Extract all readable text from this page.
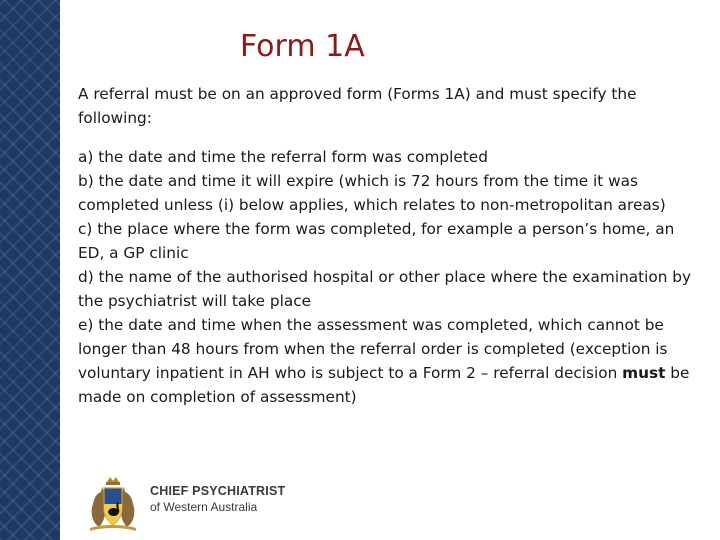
Form 1A

A referral must be on an approved form (Forms 1A) and must specify the following:

a) the date and time the referral form was completed

b) the date and time it will expire (which is 72 hours from the time it was completed unless (i) below applies, which relates to non-metropolitan areas)

c) the place where the form was completed, for example a person’s home, an ED, a GP clinic

d) the name of the authorised hospital or other place where the examination by the psychiatrist will take place

e) the date and time when the assessment was completed, which cannot be longer than 48 hours from when the referral order is completed (exception is voluntary inpatient in AH who is subject to a Form 2 – referral decision must be made on completion of assessment)

CHIEF PSYCHIATRIST
of Western Australia
